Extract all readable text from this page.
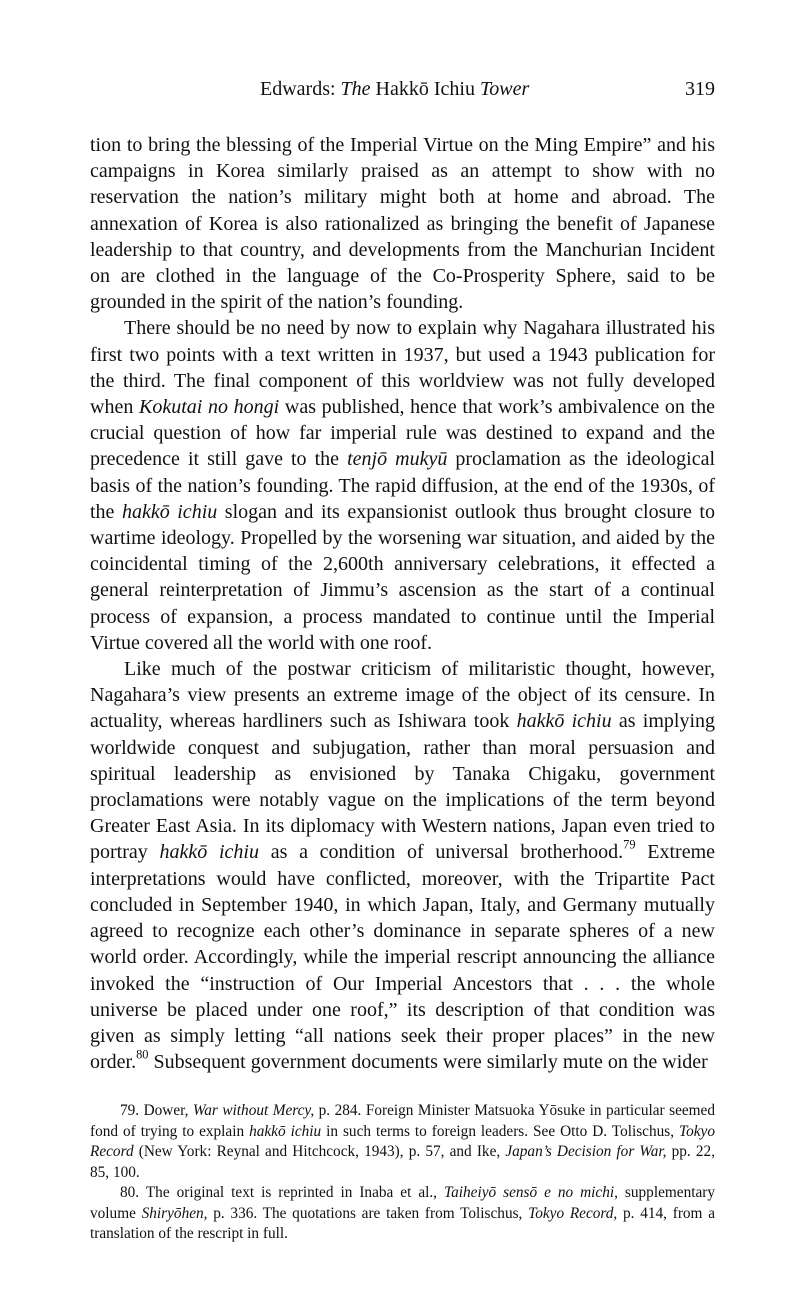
Edwards: The Hakkō Ichiu Tower	319

tion to bring the blessing of the Imperial Virtue on the Ming Empire” and his campaigns in Korea similarly praised as an attempt to show with no reservation the nation’s military might both at home and abroad. The annexation of Korea is also rationalized as bringing the benefit of Japanese leadership to that country, and developments from the Manchurian Incident on are clothed in the language of the Co-Prosperity Sphere, said to be grounded in the spirit of the nation’s founding.

There should be no need by now to explain why Nagahara illustrated his first two points with a text written in 1937, but used a 1943 publication for the third. The final component of this worldview was not fully developed when Kokutai no hongi was published, hence that work’s ambivalence on the crucial question of how far imperial rule was destined to expand and the precedence it still gave to the tenjō mukyū proclamation as the ideological basis of the nation’s founding. The rapid diffusion, at the end of the 1930s, of the hakkō ichiu slogan and its expansionist outlook thus brought closure to wartime ideology. Propelled by the worsening war situation, and aided by the coincidental timing of the 2,600th anniversary celebrations, it effected a general reinterpretation of Jimmu’s ascension as the start of a continual process of expansion, a process mandated to continue until the Imperial Virtue covered all the world with one roof.

Like much of the postwar criticism of militaristic thought, however, Nagahara’s view presents an extreme image of the object of its censure. In actuality, whereas hardliners such as Ishiwara took hakkō ichiu as implying worldwide conquest and subjugation, rather than moral persuasion and spiritual leadership as envisioned by Tanaka Chigaku, government proclamations were notably vague on the implications of the term beyond Greater East Asia. In its diplomacy with Western nations, Japan even tried to portray hakkō ichiu as a condition of universal brotherhood.$^{79}$ Extreme interpretations would have conflicted, moreover, with the Tripartite Pact concluded in September 1940, in which Japan, Italy, and Germany mutually agreed to recognize each other’s dominance in separate spheres of a new world order. Accordingly, while the imperial rescript announcing the alliance invoked the “instruction of Our Imperial Ancestors that . . . the whole universe be placed under one roof,” its description of that condition was given as simply letting “all nations seek their proper places” in the new order.$^{80}$ Subsequent government documents were similarly mute on the wider

79. Dower, War without Mercy, p. 284. Foreign Minister Matsuoka Yōsuke in particular seemed fond of trying to explain hakkō ichiu in such terms to foreign leaders. See Otto D. Tolischus, Tokyo Record (New York: Reynal and Hitchcock, 1943), p. 57, and Ike, Japan’s Decision for War, pp. 22, 85, 100.

80. The original text is reprinted in Inaba et al., Taiheiyō sensō e no michi, supplementary volume Shiryōhen, p. 336. The quotations are taken from Tolischus, Tokyo Record, p. 414, from a translation of the rescript in full.
